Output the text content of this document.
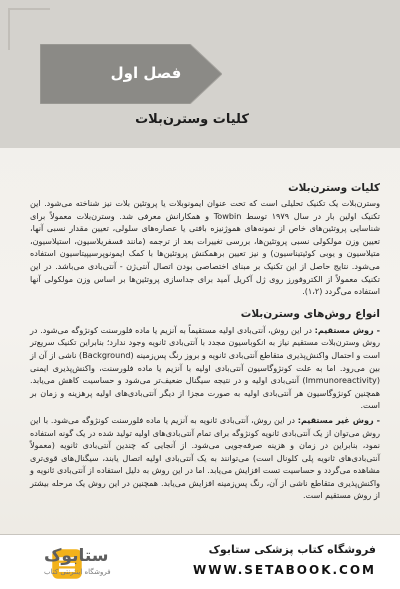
فصل اول
کلیات وسترن‌بلات
کلیات وسترن‌بلات

وسترن‌بلات یک تکنیک تحلیلی است که تحت عنوان ایمونوبلات یا پروتئین بلات نیز شناخته می‌شود. این تکنیک اولین بار در سال ۱۹۷۹ توسط Towbin و همکارانش معرفی شد. وسترن‌بلات معمولاً برای شناسایی پروتئین‌های خاص از نمونه‌های هموژنیزه بافتی یا عصاره‌های سلولی، تعیین مقدار نسبی آنها، تعیین وزن مولکولی نسبی پروتئین‌ها، بررسی تغییرات بعد از ترجمه (مانند فسفریلاسیون، استیلاسیون، متیلاسیون و یوبی کوئیتیناسیون) و نیز تعیین برهمکنش پروتئین‌ها با کمک ایمونوپرسیپیتاسیون استفاده می‌شود. نتایج حاصل از این تکنیک بر مبنای اختصاصی بودن اتصال آنتی‌ژن - آنتی‌بادی می‌باشد. در این تکنیک معمولاً از الکتروفورز روی ژل آکریل آمید برای جداسازی پروتئین‌ها بر اساس وزن مولکولی آنها استفاده می‌گردد (۱،۲).

انواع روش‌های وسترن‌بلات

- روش مستقیم: در این روش، آنتی‌بادی اولیه مستقیماً به آنزیم یا ماده فلورسنت کونژوگه می‌شود. در روش وسترن‌بلات مستقیم نیاز به انکوباسیون مجدد با آنتی‌بادی ثانویه وجود ندارد؛ بنابراین تکنیک سریع‌تر است و احتمال واکنش‌پذیری متقاطع آنتی‌بادی ثانویه و بروز رنگ پس‌زمینه (Background) ناشی از آن از بین می‌رود. اما به علت کونژوگاسیون آنتی‌بادی اولیه با آنزیم یا ماده فلورسنت، واکنش‌پذیری ایمنی (Immunoreactivity) آنتی‌بادی اولیه و در نتیجه سیگنال ضعیف‌تر می‌شود و حساسیت کاهش می‌یابد. همچنین کونژوگاسیون هر آنتی‌بادی اولیه به صورت مجزا از دیگر آنتی‌بادی‌های اولیه پرهزینه و زمان بر است.

- روش غیر مستقیم: در این روش، آنتی‌بادی ثانویه به آنزیم یا ماده فلورسنت کونژوگه می‌شود. با این روش می‌توان از یک آنتی‌بادی ثانویه کونژوگه برای تمام آنتی‌بادی‌های اولیه تولید شده در یک گونه استفاده نمود، بنابراین در زمان و هزینه صرفه‌جویی می‌شود. از آنجایی که چندین آنتی‌بادی ثانویه (معمولاً آنتی‌بادی‌های ثانویه پلی کلونال است) می‌توانند به یک آنتی‌بادی اولیه اتصال یابند، سیگنال‌های قوی‌تری مشاهده می‌گردد و حساسیت تست افزایش می‌یابد. اما در این روش به دلیل استفاده از آنتی‌بادی ثانویه و واکنش‌پذیری متقاطع ناشی از آن، رنگ پس‌زمینه افزایش می‌یابد. همچنین در این روش یک مرحله بیشتر از روش مستقیم است.

ستابوک
فروشگاه اینترنتی کتاب
فروشگاه کتاب پزشکی ستابوک
WWW.SETABOOK.COM
